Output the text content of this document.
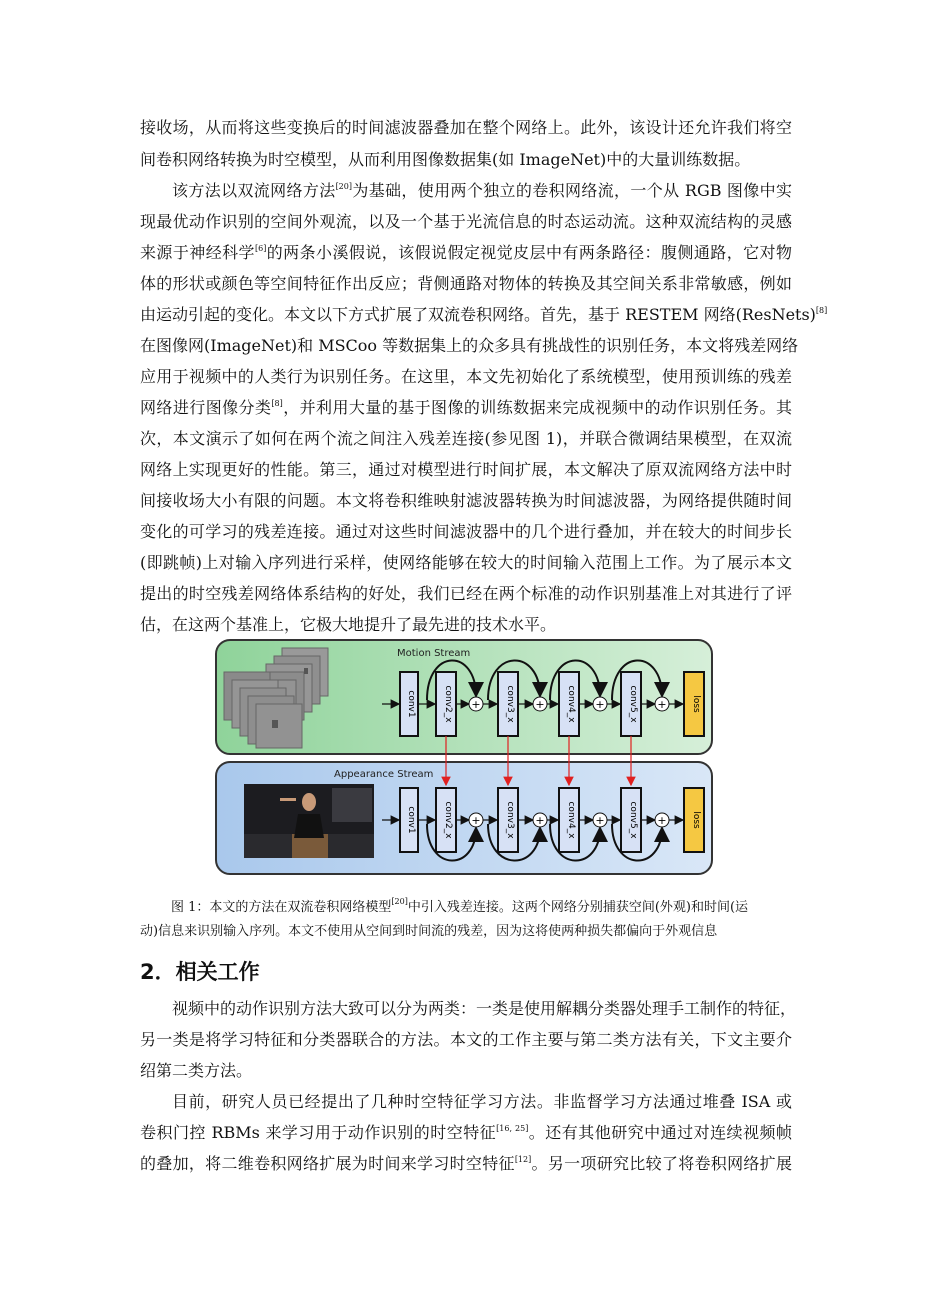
接收场，从而将这些变换后的时间滤波器叠加在整个网络上。此外，该设计还允许我们将空
间卷积网络转换为时空模型，从而利用图像数据集(如 ImageNet)中的大量训练数据。
该方法以双流网络方法[20]为基础，使用两个独立的卷积网络流，一个从 RGB 图像中实
现最优动作识别的空间外观流，以及一个基于光流信息的时态运动流。这种双流结构的灵感
来源于神经科学[6]的两条小溪假说，该假说假定视觉皮层中有两条路径：腹侧通路，它对物
体的形状或颜色等空间特征作出反应；背侧通路对物体的转换及其空间关系非常敏感，例如
由运动引起的变化。本文以下方式扩展了双流卷积网络。首先，基于 RESTEM 网络(ResNets)[8]
在图像网(ImageNet)和 MSCoo 等数据集上的众多具有挑战性的识别任务，本文将残差网络
应用于视频中的人类行为识别任务。在这里，本文先初始化了系统模型，使用预训练的残差
网络进行图像分类[8]，并利用大量的基于图像的训练数据来完成视频中的动作识别任务。其
次，本文演示了如何在两个流之间注入残差连接(参见图 1)，并联合微调结果模型，在双流
网络上实现更好的性能。第三，通过对模型进行时间扩展，本文解决了原双流网络方法中时
间接收场大小有限的问题。本文将卷积维映射滤波器转换为时间滤波器，为网络提供随时间
变化的可学习的残差连接。通过对这些时间滤波器中的几个进行叠加，并在较大的时间步长
(即跳帧)上对输入序列进行采样，使网络能够在较大的时间输入范围上工作。为了展示本文
提出的时空残差网络体系结构的好处，我们已经在两个标准的动作识别基准上对其进行了评
估，在这两个基准上，它极大地提升了最先进的技术水平。
Motion Stream
Appearance Stream
conv1	conv2_x	conv3_x	conv4_x	conv5_x	loss
+	+	+	+
conv1	conv2_x	conv3_x	conv4_x	conv5_x	loss
+	+	+	+
图 1：本文的方法在双流卷积网络模型[20]中引入残差连接。这两个网络分别捕获空间(外观)和时间(运
动)信息来识别输入序列。本文不使用从空间到时间流的残差，因为这将使两种损失都偏向于外观信息
2．相关工作
视频中的动作识别方法大致可以分为两类：一类是使用解耦分类器处理手工制作的特征，
另一类是将学习特征和分类器联合的方法。本文的工作主要与第二类方法有关，下文主要介
绍第二类方法。
目前，研究人员已经提出了几种时空特征学习方法。非监督学习方法通过堆叠 ISA 或
卷积门控 RBMs 来学习用于动作识别的时空特征[16, 25]。还有其他研究中通过对连续视频帧
的叠加，将二维卷积网络扩展为时间来学习时空特征[12]。另一项研究比较了将卷积网络扩展
